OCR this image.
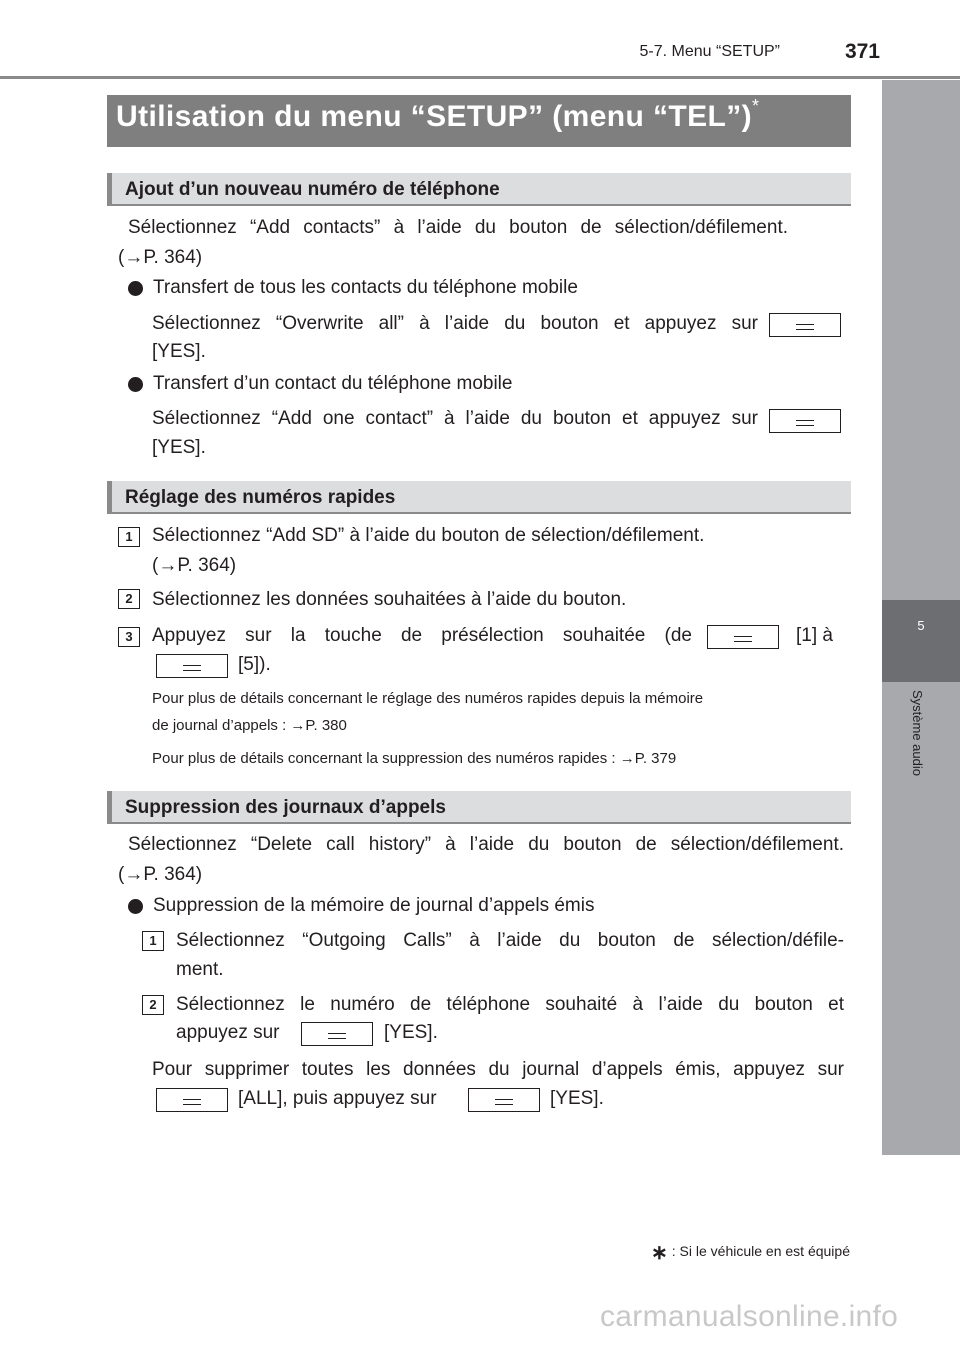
5-7. Menu “SETUP”	371
5
Système audio
Utilisation du menu “SETUP” (menu “TEL”)*
Ajout d’un nouveau numéro de téléphone
Sélectionnez “Add contacts” à l’aide du bouton de sélection/défilement.
(→P. 364)
Transfert de tous les contacts du téléphone mobile
Sélectionnez “Overwrite all” à l’aide du bouton et appuyez sur
[YES].
Transfert d’un contact du téléphone mobile
Sélectionnez “Add one contact” à l’aide du bouton et appuyez sur
[YES].
Réglage des numéros rapides
1	Sélectionnez “Add SD” à l’aide du bouton de sélection/défilement.
(→P. 364)
2	Sélectionnez les données souhaitées à l’aide du bouton.
3	Appuyez sur la touche de présélection souhaitée (de	[1] à
[5]).
Pour plus de détails concernant le réglage des numéros rapides depuis la mémoire
de journal d’appels : →P. 380
Pour plus de détails concernant la suppression des numéros rapides : →P. 379
Suppression des journaux d’appels
Sélectionnez “Delete call history” à l’aide du bouton de sélection/défilement.
(→P. 364)
Suppression de la mémoire de journal d’appels émis
1	Sélectionnez “Outgoing Calls” à l’aide du bouton de sélection/défile-
ment.
2	Sélectionnez le numéro de téléphone souhaité à l’aide du bouton et
appuyez sur	[YES].
Pour supprimer toutes les données du journal d’appels émis, appuyez sur
[ALL], puis appuyez sur	[YES].
∗ : Si le véhicule en est équipé
carmanualsonline.info
